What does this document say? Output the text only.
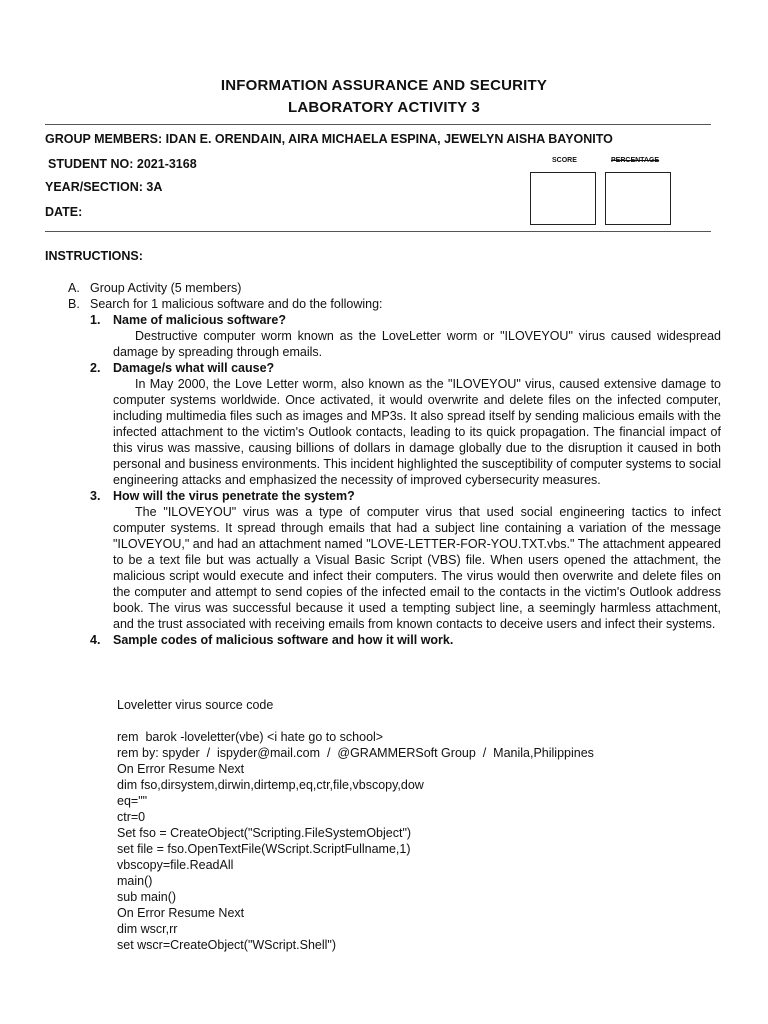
INFORMATION ASSURANCE AND SECURITY
LABORATORY ACTIVITY 3
GROUP MEMBERS: IDAN E. ORENDAIN, AIRA MICHAELA ESPINA, JEWELYN AISHA BAYONITO
STUDENT NO: 2021-3168
YEAR/SECTION: 3A
DATE:
SCORE	PERCENTAGE
INSTRUCTIONS:
A. Group Activity (5 members)
B. Search for 1 malicious software and do the following:
1.	Name of malicious software?
Destructive computer worm known as the LoveLetter worm or "ILOVEYOU" virus caused widespread damage by spreading through emails.
2.	Damage/s what will cause?
In May 2000, the Love Letter worm, also known as the "ILOVEYOU" virus, caused extensive damage to computer systems worldwide. Once activated, it would overwrite and delete files on the infected computer, including multimedia files such as images and MP3s. It also spread itself by sending malicious emails with the infected attachment to the victim's Outlook contacts, leading to its quick propagation. The financial impact of this virus was massive, causing billions of dollars in damage globally due to the disruption it caused in both personal and business environments. This incident highlighted the susceptibility of computer systems to social engineering attacks and emphasized the necessity of improved cybersecurity measures.
3.	How will the virus penetrate the system?
The "ILOVEYOU" virus was a type of computer virus that used social engineering tactics to infect computer systems. It spread through emails that had a subject line containing a variation of the message "ILOVEYOU," and had an attachment named "LOVE-LETTER-FOR-YOU.TXT.vbs." The attachment appeared to be a text file but was actually a Visual Basic Script (VBS) file. When users opened the attachment, the malicious script would execute and infect their computers. The virus would then overwrite and delete files on the computer and attempt to send copies of the infected email to the contacts in the victim's Outlook address book. The virus was successful because it used a tempting subject line, a seemingly harmless attachment, and the trust associated with receiving emails from known contacts to deceive users and infect their systems.
4.	Sample codes of malicious software and how it will work.
Loveletter virus source code
rem  barok -loveletter(vbe) <i hate go to school>
rem by: spyder  /  ispyder@mail.com  /  @GRAMMERSoft Group  /  Manila,Philippines
On Error Resume Next
dim fso,dirsystem,dirwin,dirtemp,eq,ctr,file,vbscopy,dow
eq=""
ctr=0
Set fso = CreateObject("Scripting.FileSystemObject")
set file = fso.OpenTextFile(WScript.ScriptFullname,1)
vbscopy=file.ReadAll
main()
sub main()
On Error Resume Next
dim wscr,rr
set wscr=CreateObject("WScript.Shell")
